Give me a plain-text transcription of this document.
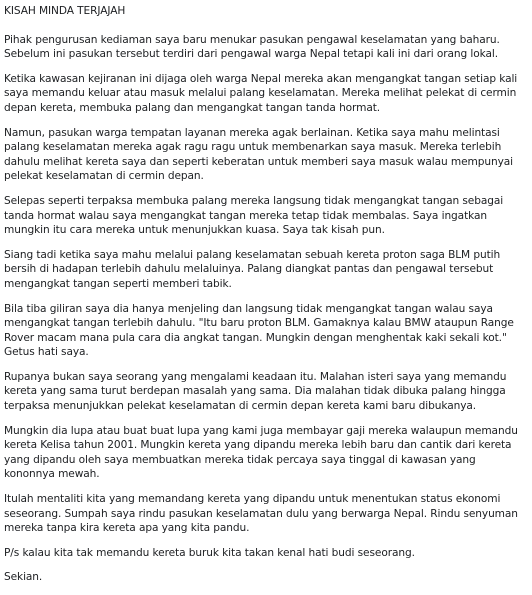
KISAH MINDA TERJAJAH
Pihak pengurusan kediaman saya baru menukar pasukan pengawal keselamatan yang baharu. Sebelum ini pasukan tersebut terdiri dari pengawal warga Nepal tetapi kali ini dari orang lokal.
Ketika kawasan kejiranan ini dijaga oleh warga Nepal mereka akan mengangkat tangan setiap kali saya memandu keluar atau masuk melalui palang keselamatan. Mereka melihat pelekat di cermin depan kereta, membuka palang dan mengangkat tangan tanda hormat.
Namun, pasukan warga tempatan layanan mereka agak berlainan. Ketika saya mahu melintasi palang keselamatan mereka agak ragu ragu untuk membenarkan saya masuk. Mereka terlebih dahulu melihat kereta saya dan seperti keberatan untuk memberi saya masuk walau mempunyai pelekat keselamatan di cermin depan.
Selepas seperti terpaksa membuka palang mereka langsung tidak mengangkat tangan sebagai tanda hormat walau saya mengangkat tangan mereka tetap tidak membalas. Saya ingatkan mungkin itu cara mereka untuk menunjukkan kuasa. Saya tak kisah pun.
Siang tadi ketika saya mahu melalui palang keselamatan sebuah kereta proton saga BLM putih bersih di hadapan terlebih dahulu melaluinya. Palang diangkat pantas dan pengawal tersebut mengangkat tangan seperti memberi tabik.
Bila tiba giliran saya dia hanya menjeling dan langsung tidak mengangkat tangan walau saya mengangkat tangan terlebih dahulu. "Itu baru proton BLM. Gamaknya kalau BMW ataupun Range Rover macam mana pula cara dia angkat tangan. Mungkin dengan menghentak kaki sekali kot." Getus hati saya.
Rupanya bukan saya seorang yang mengalami keadaan itu. Malahan isteri saya yang memandu kereta yang sama turut berdepan masalah yang sama. Dia malahan tidak dibuka palang hingga terpaksa menunjukkan pelekat keselamatan di cermin depan kereta kami baru dibukanya.
Mungkin dia lupa atau buat buat lupa yang kami juga membayar gaji mereka walaupun memandu kereta Kelisa tahun 2001. Mungkin kereta yang dipandu mereka lebih baru dan cantik dari kereta yang dipandu oleh saya membuatkan mereka tidak percaya saya tinggal di kawasan yang kononnya mewah.
Itulah mentaliti kita yang memandang kereta yang dipandu untuk menentukan status ekonomi seseorang. Sumpah saya rindu pasukan keselamatan dulu yang berwarga Nepal. Rindu senyuman mereka tanpa kira kereta apa yang kita pandu.
P/s kalau kita tak memandu kereta buruk kita takan kenal hati budi seseorang.
Sekian.
